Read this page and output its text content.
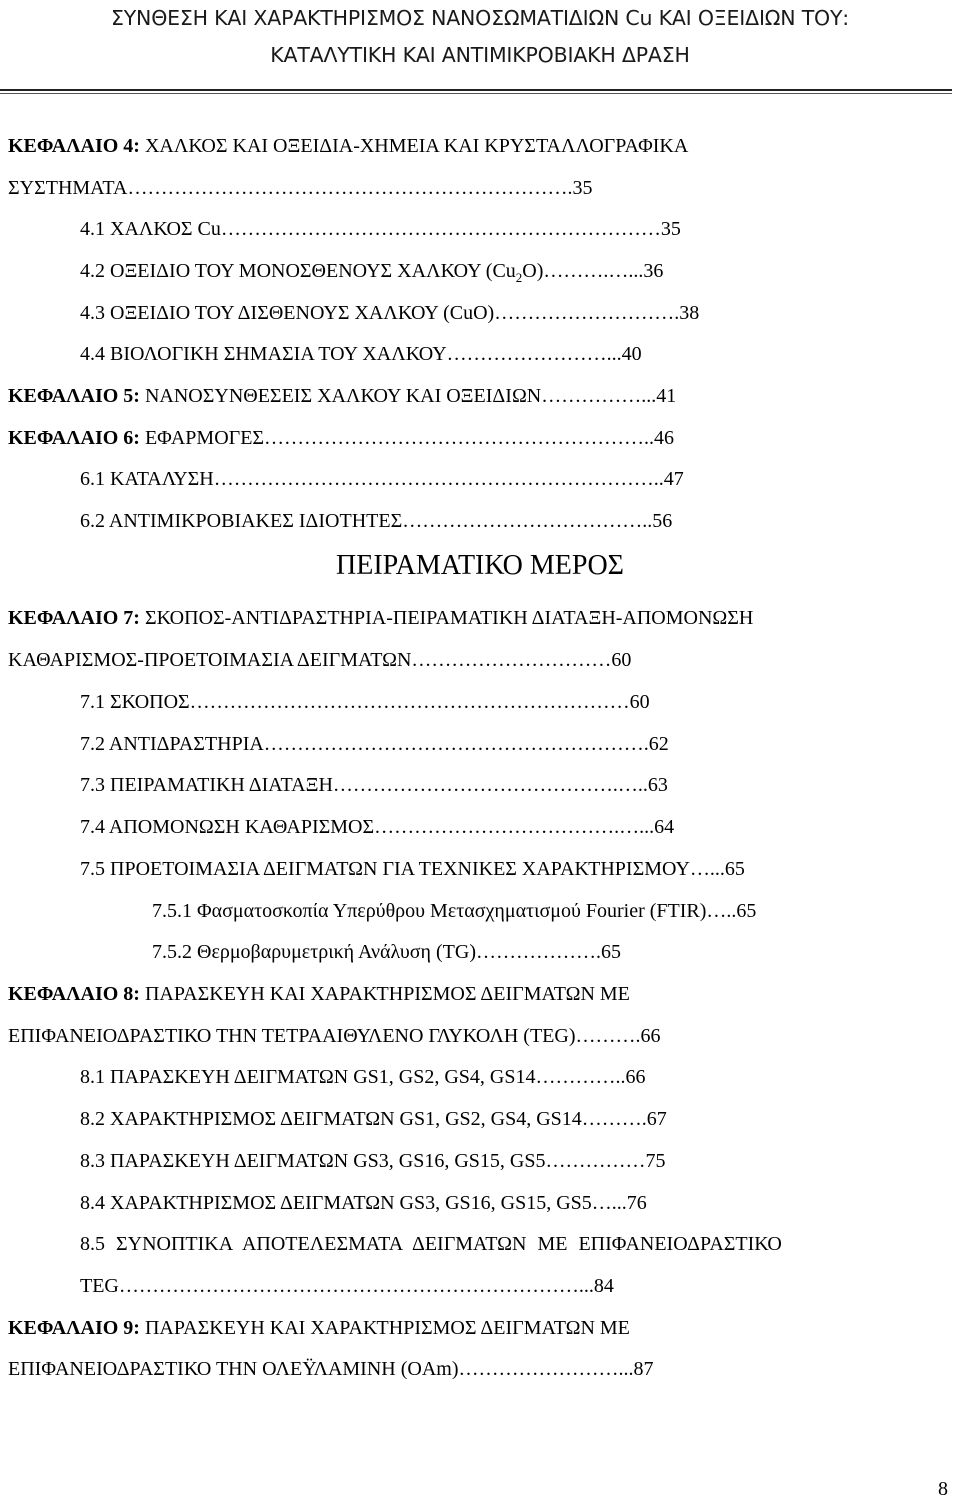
ΣΥΝΘΕΣΗ ΚΑΙ ΧΑΡΑΚΤΗΡΙΣΜΟΣ ΝΑΝΟΣΩΜΑΤΙΔΙΩΝ Cu ΚΑΙ ΟΞΕΙΔΙΩΝ ΤΟΥ:
ΚΑΤΑΛΥΤΙΚΗ ΚΑΙ ΑΝΤΙΜΙΚΡΟΒΙΑΚΗ ΔΡΑΣΗ
ΚΕΦΑΛΑΙΟ 4: ΧΑΛΚΟΣ ΚΑΙ ΟΞΕΙΔΙΑ-ΧΗΜΕΙΑ ΚΑΙ ΚΡΥΣΤΑΛΛΟΓΡΑΦΙΚΑ
ΣΥΣΤΗΜΑΤΑ………………………………………………………….35
4.1 ΧΑΛΚΟΣ Cu…………………………………………………………35
4.2 ΟΞΕΙΔΙΟ ΤΟΥ ΜΟΝΟΣΘΕΝΟΥΣ ΧΑΛΚΟΥ $(Cu_2O)\dots\dots\dots.\dots...36$
4.3 ΟΞΕΙΔΙΟ ΤΟΥ ΔΙΣΘΕΝΟΥΣ ΧΑΛΚΟΥ (CuO)……………………….38
4.4 ΒΙΟΛΟΓΙΚΗ ΣΗΜΑΣΙΑ ΤΟΥ ΧΑΛΚΟΥ……………………...40
ΚΕΦΑΛΑΙΟ 5: ΝΑΝΟΣΥΝΘΕΣΕΙΣ ΧΑΛΚΟΥ ΚΑΙ ΟΞΕΙΔΙΩΝ……………...41
ΚΕΦΑΛΑΙΟ 6: ΕΦΑΡΜΟΓΕΣ…………………………………………………..46
6.1 ΚΑΤΑΛΥΣΗ…………………………………………………………..47
6.2 ΑΝΤΙΜΙΚΡΟΒΙΑΚΕΣ ΙΔΙΟΤΗΤΕΣ………………………………..56
ΠΕΙΡΑΜΑΤΙΚΟ ΜΕΡΟΣ
ΚΕΦΑΛΑΙΟ 7: ΣΚΟΠΟΣ-ΑΝΤΙΔΡΑΣΤΗΡΙΑ-ΠΕΙΡΑΜΑΤΙΚΗ ΔΙΑΤΑΞΗ-ΑΠΟΜΟΝΩΣΗ
ΚΑΘΑΡΙΣΜΟΣ-ΠΡΟΕΤΟΙΜΑΣΙΑ ΔΕΙΓΜΑΤΩΝ…………………………60
7.1 ΣΚΟΠΟΣ…………………………………………………………60
7.2 ΑΝΤΙΔΡΑΣΤΗΡΙΑ………………………………………………….62
7.3 ΠΕΙΡΑΜΑΤΙΚΗ ΔΙΑΤΑΞΗ…………………………………….…..63
7.4 ΑΠΟΜΟΝΩΣΗ ΚΑΘΑΡΙΣΜΟΣ……………………………….…...64
7.5 ΠΡΟΕΤΟΙΜΑΣΙΑ ΔΕΙΓΜΑΤΩΝ ΓΙΑ ΤΕΧΝΙΚΕΣ ΧΑΡΑΚΤΗΡΙΣΜΟΥ…...65
7.5.1 Φασματοσκοπία Υπερύθρου Μετασχηματισμού Fourier (FTIR)…..65
7.5.2 Θερμοβαρυμετρική Ανάλυση (TG)……………….65
ΚΕΦΑΛΑΙΟ 8: ΠΑΡΑΣΚΕΥΗ ΚΑΙ ΧΑΡΑΚΤΗΡΙΣΜΟΣ ΔΕΙΓΜΑΤΩΝ ΜΕ
ΕΠΙΦΑΝΕΙΟΔΡΑΣΤΙΚΟ ΤΗΝ ΤΕΤΡΑΑΙΘΥΛΕΝΟ ΓΛΥΚΟΛΗ (TEG)……….66
8.1 ΠΑΡΑΣΚΕΥΗ ΔΕΙΓΜΑΤΩΝ GS1, GS2, GS4, GS14…………..66
8.2 ΧΑΡΑΚΤΗΡΙΣΜΟΣ ΔΕΙΓΜΑΤΩΝ GS1, GS2, GS4, GS14……….67
8.3 ΠΑΡΑΣΚΕΥΗ ΔΕΙΓΜΑΤΩΝ GS3, GS16, GS15, GS5……………75
8.4 ΧΑΡΑΚΤΗΡΙΣΜΟΣ ΔΕΙΓΜΑΤΩΝ GS3, GS16, GS15, GS5…...76
8.5 ΣΥΝΟΠΤΙΚΑ ΑΠΟΤΕΛΕΣΜΑΤΑ ΔΕΙΓΜΑΤΩΝ ΜΕ ΕΠΙΦΑΝΕΙΟΔΡΑΣΤΙΚΟ
TEG……………………………………………………………...84
ΚΕΦΑΛΑΙΟ 9: ΠΑΡΑΣΚΕΥΗ ΚΑΙ ΧΑΡΑΚΤΗΡΙΣΜΟΣ ΔΕΙΓΜΑΤΩΝ ΜΕ
ΕΠΙΦΑΝΕΙΟΔΡΑΣΤΙΚΟ ΤΗΝ ΟΛΕΫΛΑΜΙΝΗ (OAm)……………………...87
8
